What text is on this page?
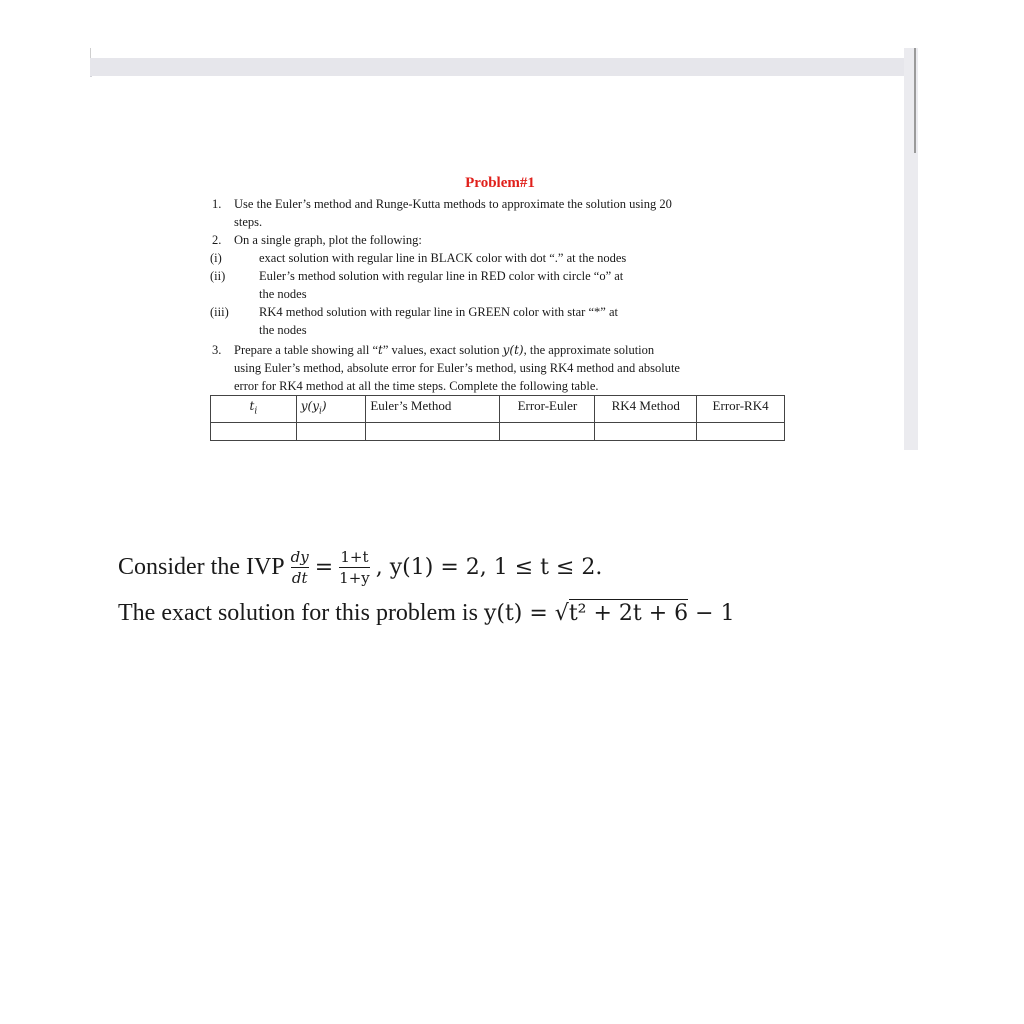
Problem#1
1. Use the Euler’s method and Runge-Kutta methods to approximate the solution using 20
steps.
2. On a single graph, plot the following:
(i)	exact solution with regular line in BLACK color with dot “.” at the nodes
(ii)	Euler’s method solution with regular line in RED color with circle “o” at
the nodes
(iii) RK4 method solution with regular line in GREEN color with star “*” at
the nodes
3. Prepare a table showing all “t” values, exact solution y(t), the approximate solution
using Euler’s method, absolute error for Euler’s method, using RK4 method and absolute
error for RK4 method at all the time steps. Complete the following table.
$t_i$	$y(y_i)$	Euler’s Method	Error-Euler	RK4 Method	Error-RK4

Consider the IVP $\frac{dy}{dt} = \frac{1+t}{1+y}$ , y(1) = 2, 1 ≤ t ≤ 2.
The exact solution for this problem is y(t) = √t² + 2t + 6 − 1
